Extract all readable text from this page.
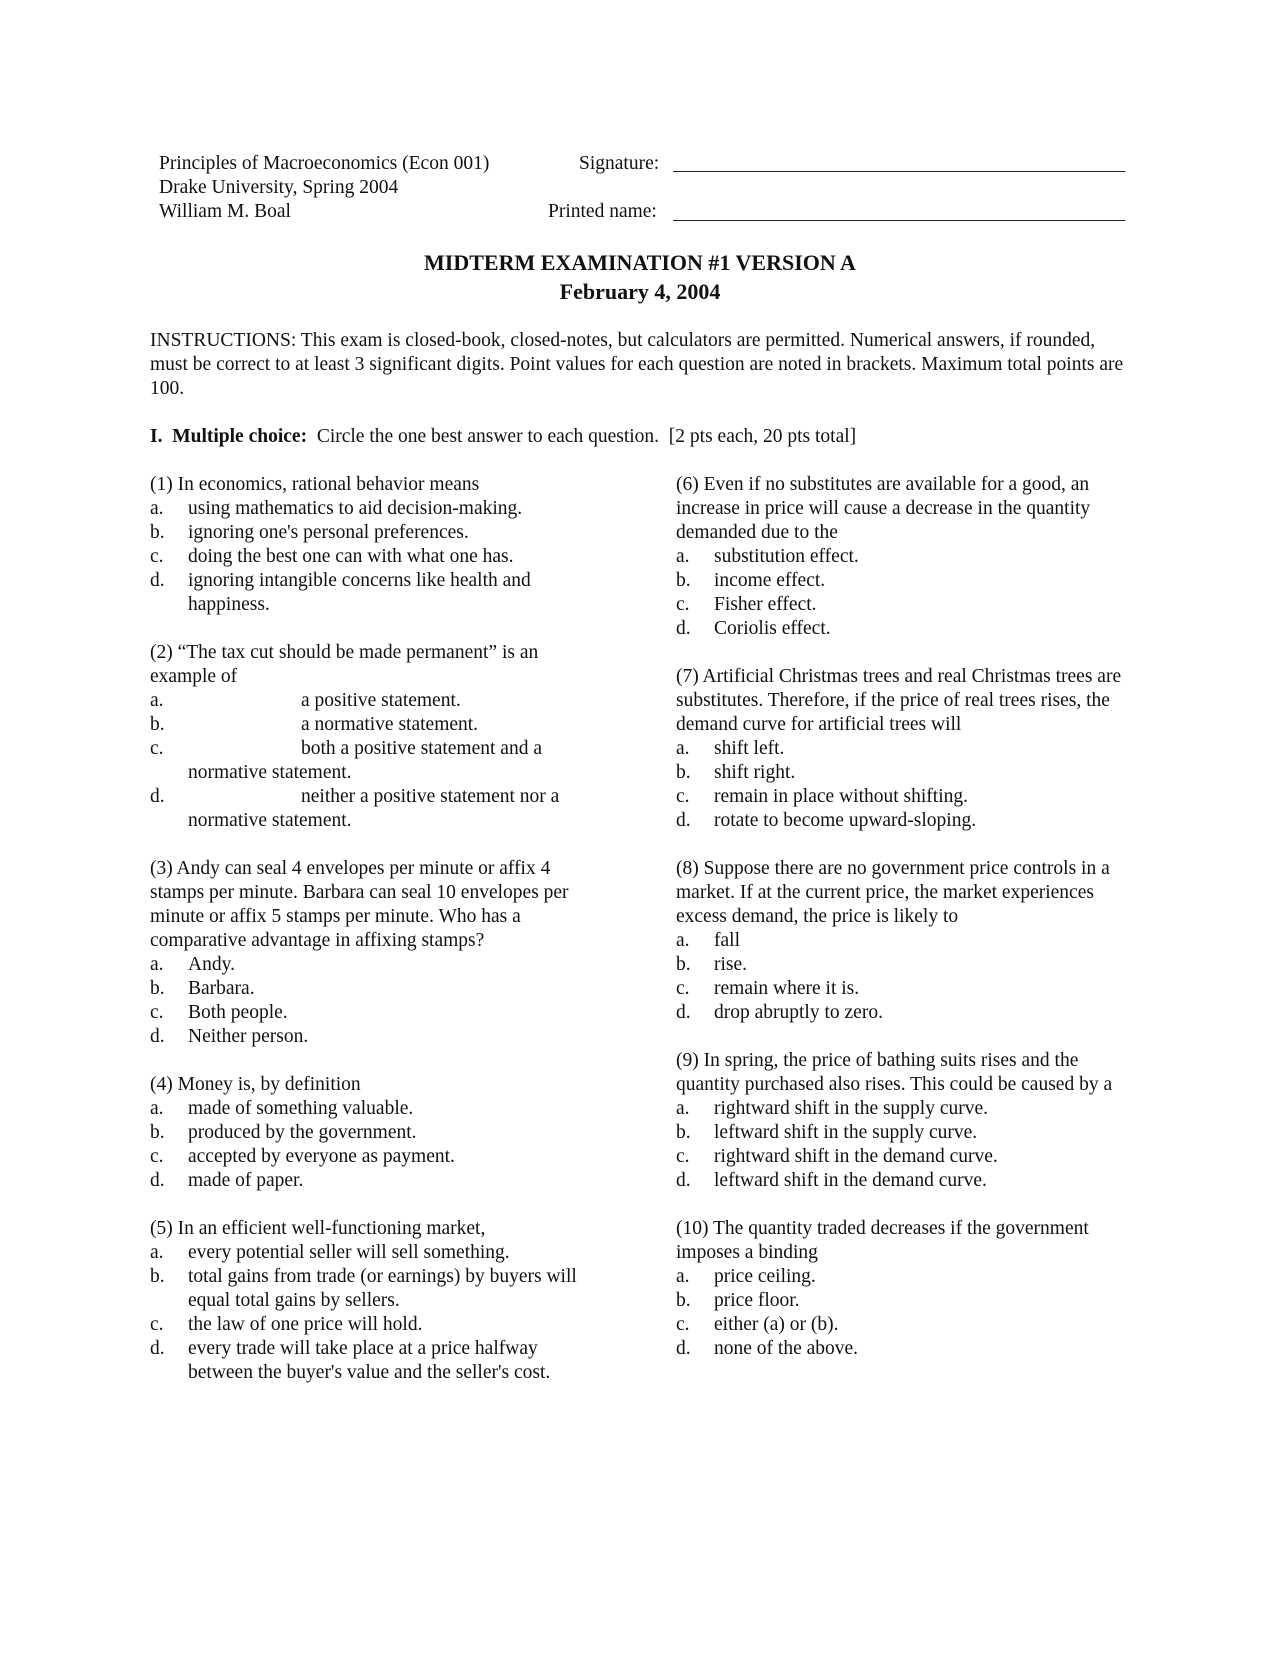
Principles of Macroeconomics (Econ 001)
Drake University, Spring 2004
William M. Boal
Signature:
Printed name:
MIDTERM EXAMINATION #1 VERSION A
February 4, 2004
INSTRUCTIONS: This exam is closed-book, closed-notes, but calculators are permitted. Numerical answers, if rounded, must be correct to at least 3 significant digits. Point values for each question are noted in brackets. Maximum total points are 100.
I. Multiple choice:  Circle the one best answer to each question.  [2 pts each, 20 pts total]
(1) In economics, rational behavior means
a.	using mathematics to aid decision-making.
b.	ignoring one's personal preferences.
c.	doing the best one can with what one has.
d.	ignoring intangible concerns like health and happiness.
(2) “The tax cut should be made permanent” is an example of
a.	a positive statement.
b.	a normative statement.
c.	both a positive statement and a normative statement.
d.	neither a positive statement nor a normative statement.
(3) Andy can seal 4 envelopes per minute or affix 4 stamps per minute. Barbara can seal 10 envelopes per minute or affix 5 stamps per minute. Who has a comparative advantage in affixing stamps?
a.	Andy.
b.	Barbara.
c.	Both people.
d.	Neither person.
(4) Money is, by definition
a.	made of something valuable.
b.	produced by the government.
c.	accepted by everyone as payment.
d.	made of paper.
(5) In an efficient well-functioning market,
a.	every potential seller will sell something.
b.	total gains from trade (or earnings) by buyers will equal total gains by sellers.
c.	the law of one price will hold.
d.	every trade will take place at a price halfway between the buyer's value and the seller's cost.
(6) Even if no substitutes are available for a good, an increase in price will cause a decrease in the quantity demanded due to the
a.	substitution effect.
b.	income effect.
c.	Fisher effect.
d.	Coriolis effect.
(7) Artificial Christmas trees and real Christmas trees are substitutes. Therefore, if the price of real trees rises, the demand curve for artificial trees will
a.	shift left.
b.	shift right.
c.	remain in place without shifting.
d.	rotate to become upward-sloping.
(8) Suppose there are no government price controls in a market. If at the current price, the market experiences excess demand, the price is likely to
a.	fall
b.	rise.
c.	remain where it is.
d.	drop abruptly to zero.
(9) In spring, the price of bathing suits rises and the quantity purchased also rises. This could be caused by a
a.	rightward shift in the supply curve.
b.	leftward shift in the supply curve.
c.	rightward shift in the demand curve.
d.	leftward shift in the demand curve.
(10) The quantity traded decreases if the government imposes a binding
a.	price ceiling.
b.	price floor.
c.	either (a) or (b).
d.	none of the above.
